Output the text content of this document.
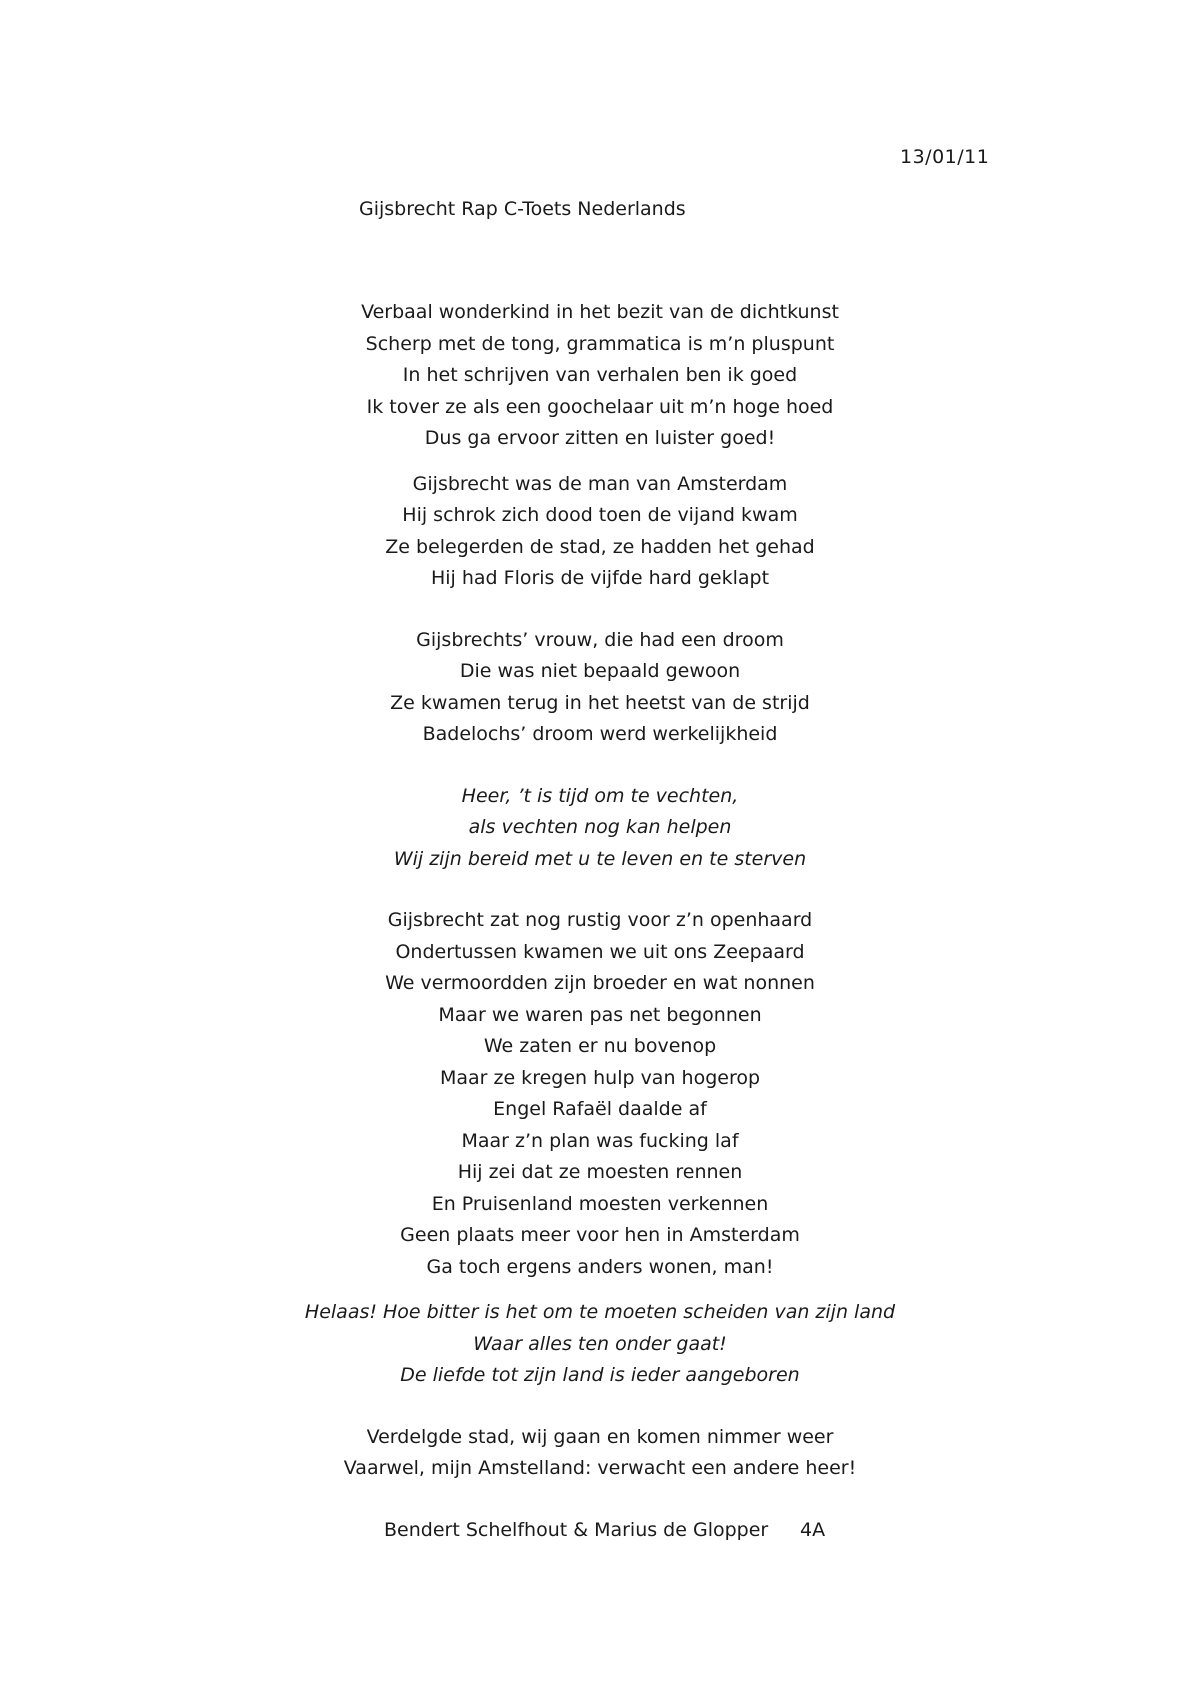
13/01/11
Gijsbrecht Rap C-Toets Nederlands
Verbaal wonderkind in het bezit van de dichtkunst
Scherp met de tong, grammatica is m’n pluspunt
In het schrijven van verhalen ben ik goed
Ik tover ze als een goochelaar uit m’n hoge hoed
Dus ga ervoor zitten en luister goed!
Gijsbrecht was de man van Amsterdam
Hij schrok zich dood toen de vijand kwam
Ze belegerden de stad, ze hadden het gehad
Hij had Floris de vijfde hard geklapt
Gijsbrechts’ vrouw, die had een droom
Die was niet bepaald gewoon
Ze kwamen terug in het heetst van de strijd
Badelochs’ droom werd werkelijkheid
Heer, ’t is tijd om te vechten,
als vechten nog kan helpen
Wij zijn bereid met u te leven en te sterven
Gijsbrecht zat nog rustig voor z’n openhaard
Ondertussen kwamen we uit ons Zeepaard
We vermoordden zijn broeder en wat nonnen
Maar we waren pas net begonnen
We zaten er nu bovenop
Maar ze kregen hulp van hogerop
Engel Rafaël daalde af
Maar z’n plan was fucking laf
Hij zei dat ze moesten rennen
En Pruisenland moesten verkennen
Geen plaats meer voor hen in Amsterdam
Ga toch ergens anders wonen, man!
Helaas! Hoe bitter is het om te moeten scheiden van zijn land
Waar alles ten onder gaat!
De liefde tot zijn land is ieder aangeboren
Verdelgde stad, wij gaan en komen nimmer weer
Vaarwel, mijn Amstelland: verwacht een andere heer!
Bendert Schelfhout & Marius de Glopper 4A
